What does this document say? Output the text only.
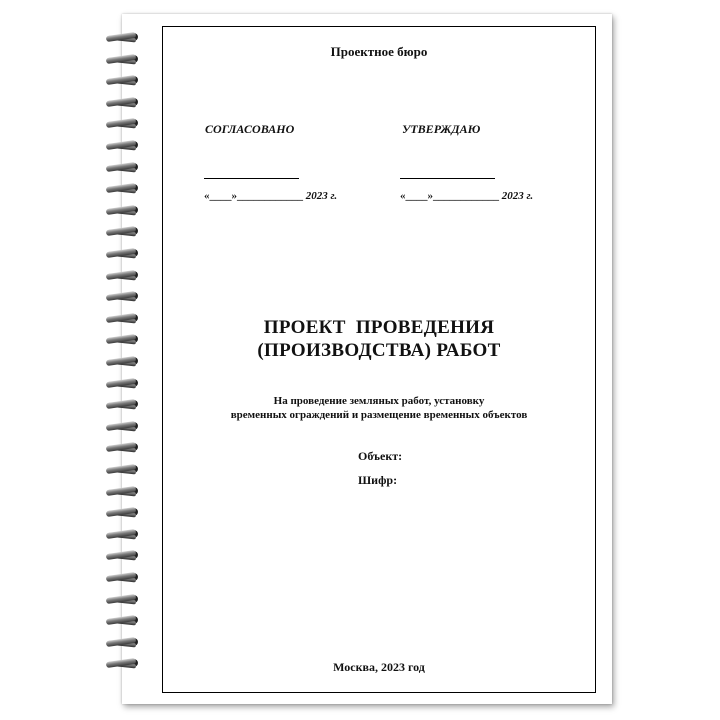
Проектное бюро
СОГЛАСОВАНО	УТВЕРЖДАЮ
«____»____________ 2023 г.	«____»____________ 2023 г.
ПРОЕКТ  ПРОВЕДЕНИЯ
(ПРОИЗВОДСТВА) РАБОТ
На проведение земляных работ, установку
временных ограждений и размещение временных объектов
Объект:
Шифр:
Москва, 2023 год
